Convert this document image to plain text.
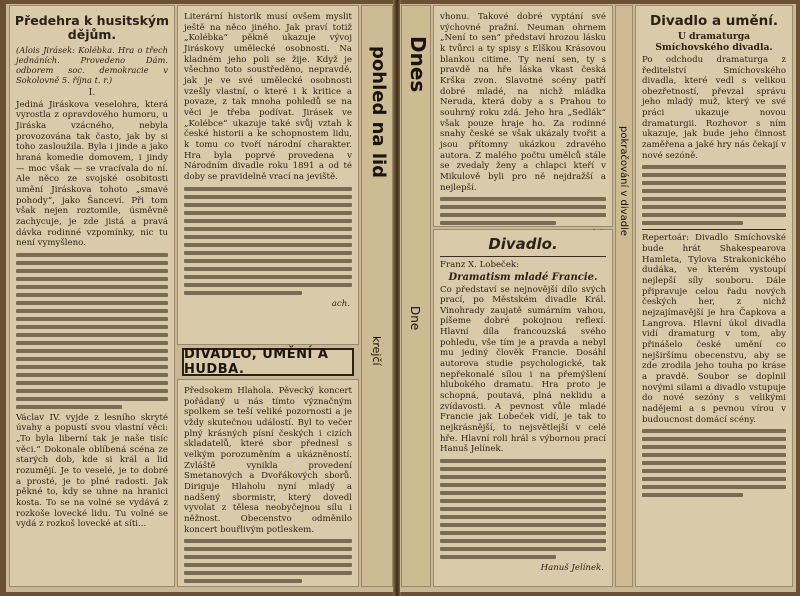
Předehra k husitským dějům.

(Alois Jirásek: Kolébka. Hra o třech jednáních. Provedeno Dám. odborem soc. demokracie v Sokolovně 5. října t. r.)

I.

Jediná Jiráskova veselohra, která vyrostla z opravdového humoru, u Jiráska vzácného, nebyla provozována tak často, jak by si toho zasloužila. Byla i jinde a jako hraná komedie domovem, i jindy — moc však — se vracívala do ní. Ale něco ze svojské osobitosti umění Jiráskova tohoto „smavé pohody“, jako Šanceví. Při tom však nejen roztomile, úsměvně zachycuje, je zde jistá a pravá dávka rodinné vzpomínky, nic tu není vymyšleno.

Václav IV. vyjde z lesního skryté úvahy a popustí svou vlastní věci: „To byla liberní tak je naše tisíc věci.“ Dokonale oblíbená scéna ze starých dob, kde si král a lid rozumějí. Je to veselé, je to dobré a prosté, je to plné radosti. Jak pěkné to, kdy se uhne na hranici kosta. To se na volné se vydává z rozkoše lovecké lidu. Tu volné se vydá z rozkoš lovecké at síti...

Literární historik musí ovšem myslit ještě na něco jiného. Jak praví totiž „Kolébka“ pěkně ukazuje vývoj Jiráskovy umělecké osobnosti. Na kladném jeho poli se žije. Když je všechno toto soustředěno, nepravdě, jak je ve své umělecké osobnosti vzešly vlastní, o které i k kritice a povaze, z tak mnoha pohledů se na věci je třeba podívat. Jirásek ve „Kolébce“ ukazuje také svůj vztah k české historii a ke schopnostem lidu, k tomu co tvoří národní charakter. Hra byla poprvé provedena v Národním divadle roku 1891 a od té doby se pravidelně vrací na jeviště.

ach.
DIVADLO, UMĚNÍ A HUDBA.

Předsokem Hlahola. Pěvecký koncert pořádaný u nás tímto význačným spolkem se teší veliké pozornosti a je vždy skutečnou událostí. Byl to večer plný krásných písní českých i cizích skladatelů, které sbor přednesl s velkým porozuměním a ukázněností. Zvláště vynikla provedení Smetanových a Dvořákových sborů. Diriguje Hlaholu nyní mladý a nadšený sbormistr, který dovedl vyvolat z tělesa neobyčejnou sílu i něžnost. Obecenstvo odměnilo koncert bouřlivým potleskem.

pohled na lid
krejčí
Dnes
Dne

vhonu. Takové dobré vyptání své výchovné pražní. Neuman ohrnem „Není to sen“ představí hrozou lásku k tvůrci a ty spisy s Elškou Krásovou blankou citime. Ty není sen, ty s pravdě na hře láska vkast česká Krška zvon. Slavotné scény patří dobré mladé, na nichž mládka Neruda, která doby a s Prahou to souhrný roku zdá. Jeho hra „Sedlák“ však pouze hraje ho. Za rodinné snahy české se však ukázaly tvořit a jsou přítomny ukázkou zdravého autora. Z malého počtu umělců stále se zvedaly ženy a chlapci kteří v Mikulově byli pro ně nejdražší a nejlepší.

Divadlo.
Franz X. Lobeček:
Dramatism mladé Francie.

Co představí se nejnovější dílo svých prací, po Městském divadle Král. Vinohrady zaujatě sumárním vahou, píšeme dobré pokojnou reflexí. Hlavní díla francouzská svého pohledu, vše tím je a pravda a nebyl mu jediný člověk Francie. Dosáhl autorova studie psychologické, tak nepřekonalé sílou i na přemýšlení hlubokého dramatu. Hra proto je schopná, poutavá, plná neklidu a zvídavosti. A pevnost vůle mladé Francie jak Lobeček vidí, je tak to nejkrásnější, to nejsvětlejší v celé hře. Hlavní roli hrál s výbornou prací Hanuš Jelínek.

Hanuš Jelínek.
pokračování v divadle
Divadlo a umění.
U dramaturga Smíchovského divadla.

Po odchodu dramaturga z ředitelství Smíchovského divadla, které vedl s velikou obezřetností, převzal správu jeho mladý muž, který ve své práci ukazuje novou dramaturgii. Rozhovor s ním ukazuje, jak bude jeho činnost zaměřena a jaké hry nás čekají v nové sezóně.

Repertoár: Divadlo Smíchovské bude hrát Shakespearova Hamleta, Tylova Strakonického dudáka, ve kterém vystoupí nejlepší síly souboru. Dále připravuje celou řadu nových českých her, z nichž nejzajímavější je hra Čapkova a Langrova. Hlavní úkol divadla vidí dramaturg v tom, aby přinášelo české umění co nejširšímu obecenstvu, aby se zde zrodila jeho touha po kráse a pravdě. Soubor se doplnil novými silami a divadlo vstupuje do nové sezóny s velikými nadějemi a s pevnou vírou v budoucnost domácí scény.
